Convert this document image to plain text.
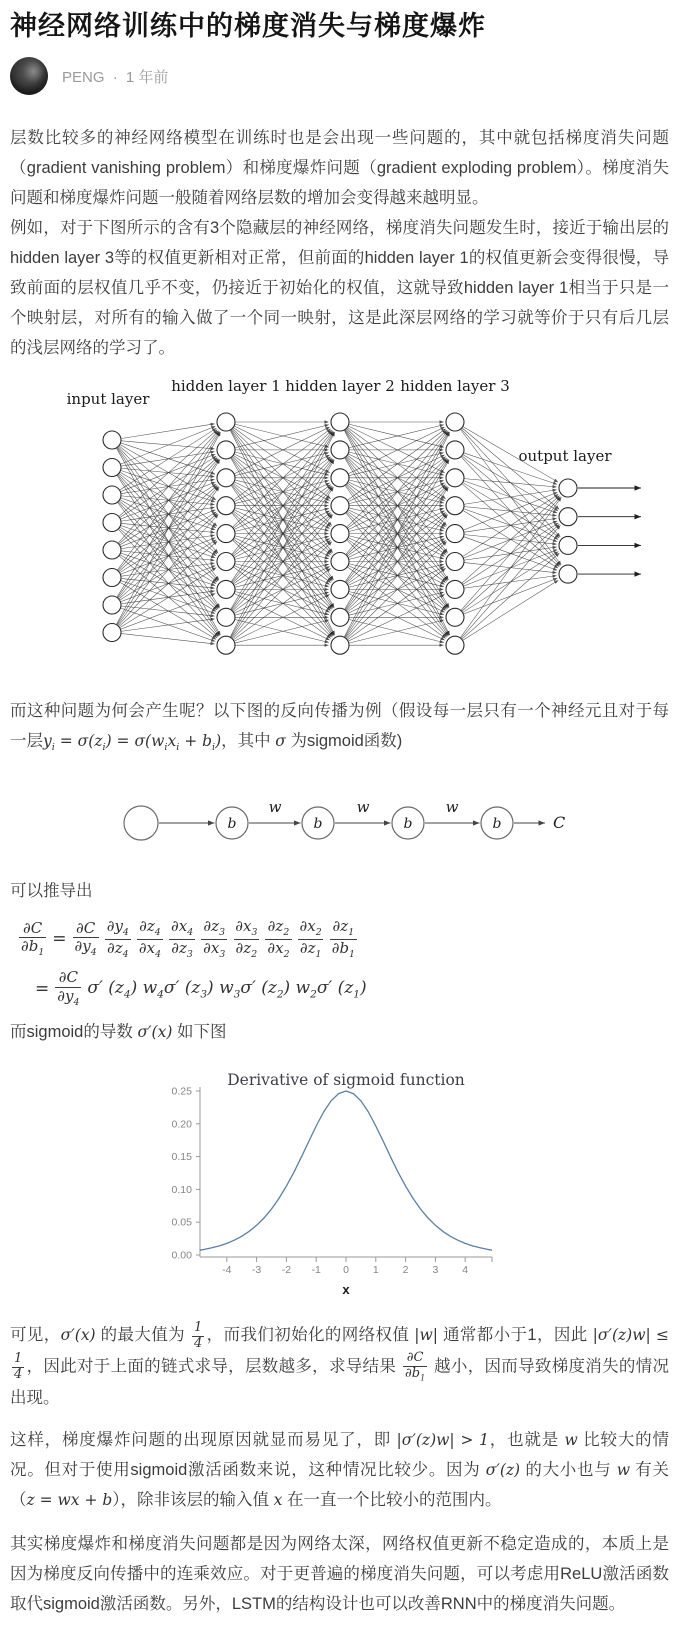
神经网络训练中的梯度消失与梯度爆炸
PENG · 1 年前

层数比较多的神经网络模型在训练时也是会出现一些问题的，其中就包括梯度消失问题（gradient vanishing problem）和梯度爆炸问题（gradient exploding problem）。梯度消失问题和梯度爆炸问题一般随着网络层数的增加会变得越来越明显。

例如，对于下图所示的含有3个隐藏层的神经网络，梯度消失问题发生时，接近于输出层的hidden layer 3等的权值更新相对正常，但前面的hidden layer 1的权值更新会变得很慢，导致前面的层权值几乎不变，仍接近于初始化的权值，这就导致hidden layer 1相当于只是一个映射层，对所有的输入做了一个同一映射，这是此深层网络的学习就等价于只有后几层的浅层网络的学习了。

input layer
hidden layer 1 hidden layer 2 hidden layer 3
output layer

而这种问题为何会产生呢？以下图的反向传播为例（假设每一层只有一个神经元且对于每一层$y_i = \sigma(z_i) = \sigma(w_ix_i + b_i)$，其中 σ 为sigmoid函数)

b	b	b	b
w	w	w
C

可以推导出

$\frac{\partial C}{\partial b_1} = \frac{\partial C}{\partial y_4} \frac{\partial y_4}{\partial z_4} \frac{\partial z_4}{\partial x_4} \frac{\partial x_4}{\partial z_3} \frac{\partial z_3}{\partial x_3} \frac{\partial x_3}{\partial z_2} \frac{\partial z_2}{\partial x_2} \frac{\partial x_2}{\partial z_1} \frac{\partial z_1}{\partial b_1}$
= $\frac{\partial C}{\partial y_4} \sigma'$ $(z_4)$ $w_4\sigma'$ $(z_3)$ $w_3\sigma'$ $(z_2)$ $w_2\sigma'$ $(z_1)$

而sigmoid的导数 σ′(x) 如下图

Derivative of sigmoid function
0.00
0.05
0.10
0.15
0.20
0.25
-4 -3 -2 -1 0 1 2 3 4
x

可见，σ′(x) 的最大值为 $\frac{1}{4}$ ，而我们初始化的网络权值 |w| 通常都小于1，因此 |σ′(z)w| ≤
$\frac{1}{4}$ ，因此对于上面的链式求导，层数越多，求导结果 $\frac{\partial C}{\partial b_1}$ 越小，因而导致梯度消失的情况出现。

这样，梯度爆炸问题的出现原因就显而易见了，即 |σ′(z)w| > 1，也就是 w 比较大的情况。但对于使用sigmoid激活函数来说，这种情况比较少。因为 σ′(z) 的大小也与 w 有关（z = wx + b），除非该层的输入值 x 在一直一个比较小的范围内。

其实梯度爆炸和梯度消失问题都是因为网络太深，网络权值更新不稳定造成的，本质上是因为梯度反向传播中的连乘效应。对于更普遍的梯度消失问题，可以考虑用ReLU激活函数取代sigmoid激活函数。另外，LSTM的结构设计也可以改善RNN中的梯度消失问题。
